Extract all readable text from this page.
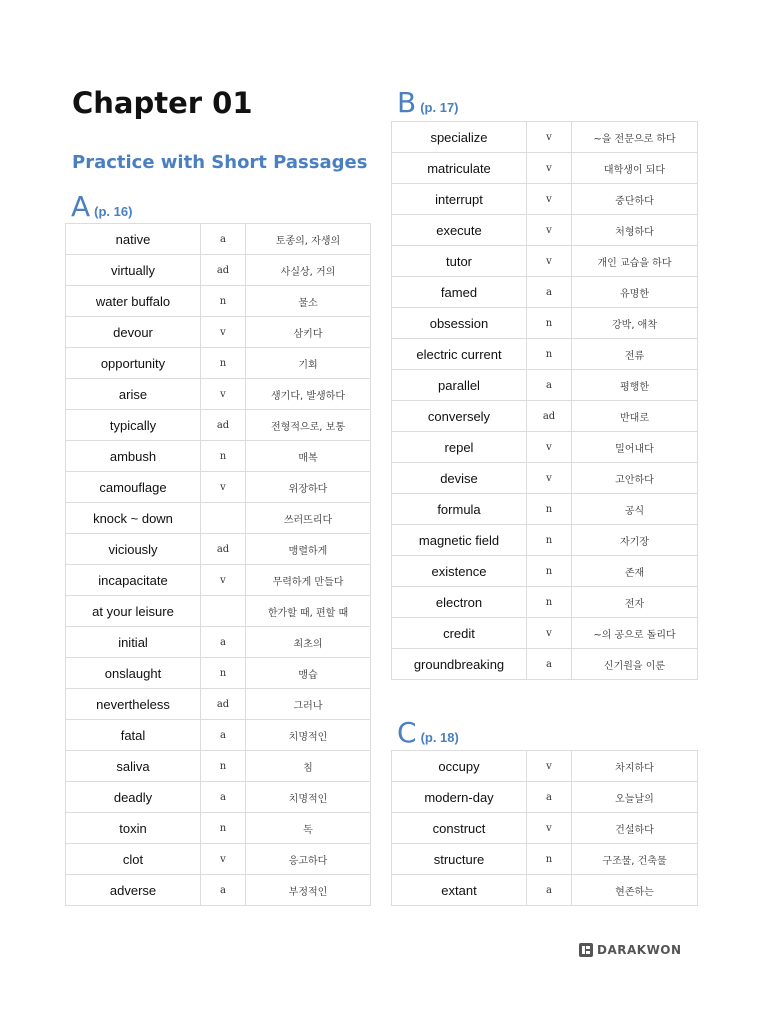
Chapter 01
Practice with Short Passages
A (p. 16)
native	a	토종의, 자생의
virtually	ad	사실상, 거의
water buffalo	n	물소
devour	v	삼키다
opportunity	n	기회
arise	v	생기다, 발생하다
typically	ad	전형적으로, 보통
ambush	n	매복
camouflage	v	위장하다
knock ~ down		쓰러뜨리다
viciously	ad	맹렬하게
incapacitate	v	무력하게 만들다
at your leisure		한가할 때, 편할 때
initial	a	최초의
onslaught	n	맹습
nevertheless	ad	그러나
fatal	a	치명적인
saliva	n	침
deadly	a	치명적인
toxin	n	독
clot	v	응고하다
adverse	a	부정적인
B (p. 17)
specialize	v	~을 전문으로 하다
matriculate	v	대학생이 되다
interrupt	v	중단하다
execute	v	처형하다
tutor	v	개인 교습을 하다
famed	a	유명한
obsession	n	강박, 애착
electric current	n	전류
parallel	a	평행한
conversely	ad	반대로
repel	v	밀어내다
devise	v	고안하다
formula	n	공식
magnetic field	n	자기장
existence	n	존재
electron	n	전자
credit	v	~의 공으로 돌리다
groundbreaking	a	신기원을 이룬
C (p. 18)
occupy	v	차지하다
modern-day	a	오늘날의
construct	v	건설하다
structure	n	구조물, 건축물
extant	a	현존하는
DARAKWON
